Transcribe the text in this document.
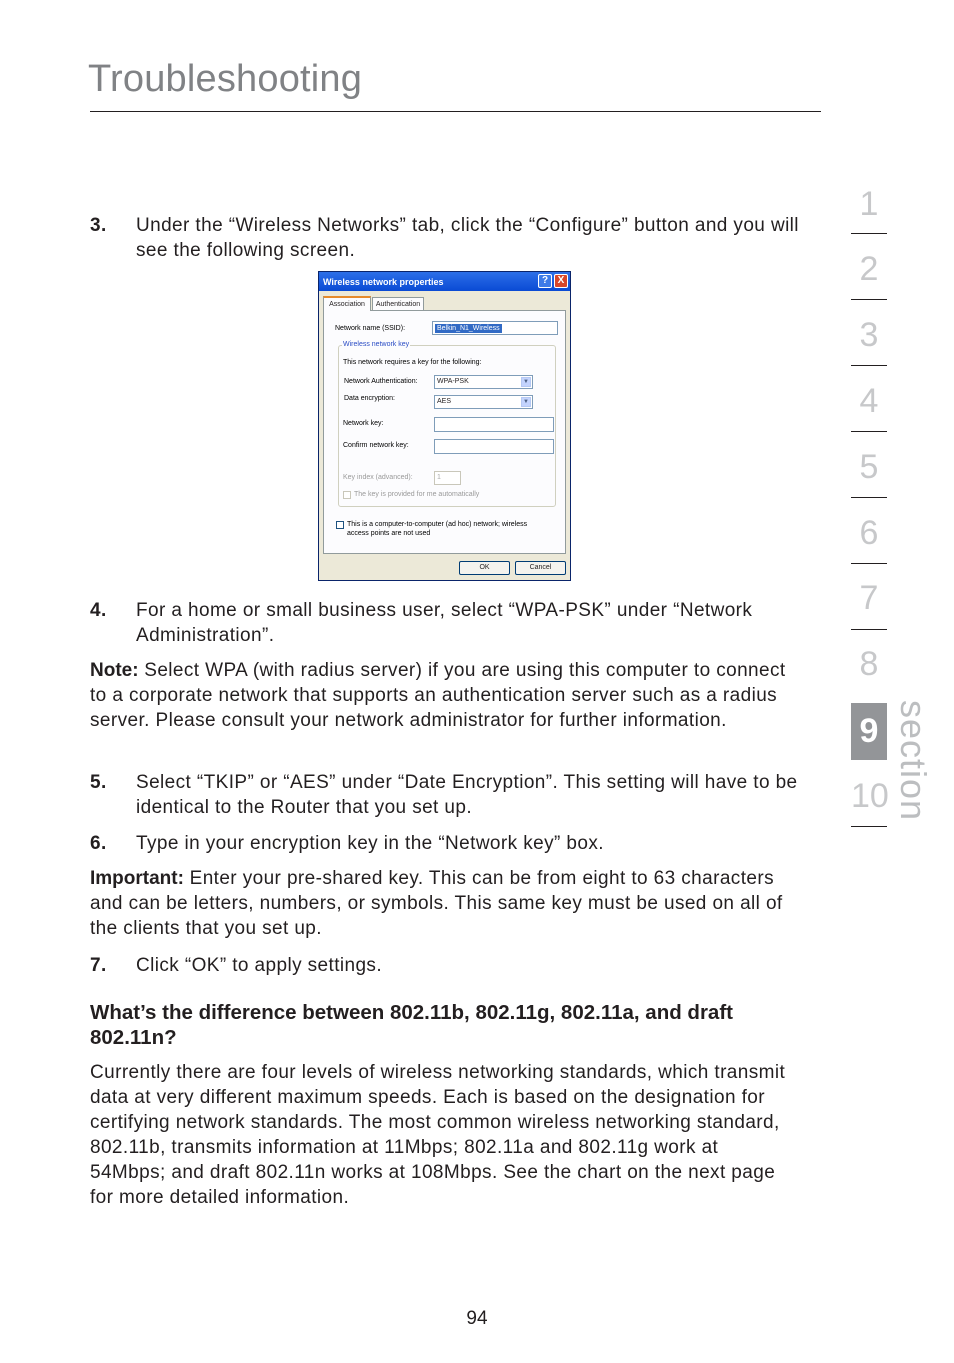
Troubleshooting
3. Under the “Wireless Networks” tab, click the “Configure” button and you will see the following screen.
Wireless network properties	? X
Association	Authentication
Network name (SSID):	Belkin_N1_Wireless
Wireless network key
This network requires a key for the following:
Network Authentication:	WPA-PSK	▼
Data encryption:	AES	▼
Network key:
Confirm network key:
Key index (advanced):	1
The key is provided for me automatically
This is a computer-to-computer (ad hoc) network; wireless
access points are not used
OK	Cancel
4. For a home or small business user, select “WPA-PSK” under “Network Administration”.
Note: Select WPA (with radius server) if you are using this computer to connect to a corporate network that supports an authentication server such as a radius server. Please consult your network administrator for further information.
5. Select “TKIP” or “AES” under “Date Encryption”. This setting will have to be identical to the Router that you set up.
6. Type in your encryption key in the “Network key” box.
Important: Enter your pre-shared key. This can be from eight to 63 characters and can be letters, numbers, or symbols. This same key must be used on all of the clients that you set up.
7. Click “OK” to apply settings.
What’s the difference between 802.11b, 802.11g, 802.11a, and draft 802.11n?
Currently there are four levels of wireless networking standards, which transmit data at very different maximum speeds. Each is based on the designation for certifying network standards. The most common wireless networking standard, 802.11b, transmits information at 11Mbps; 802.11a and 802.11g work at 54Mbps; and draft 802.11n works at 108Mbps. See the chart on the next page for more detailed information.
1
2
3
4
5
6
7
8
9
10 section
94
